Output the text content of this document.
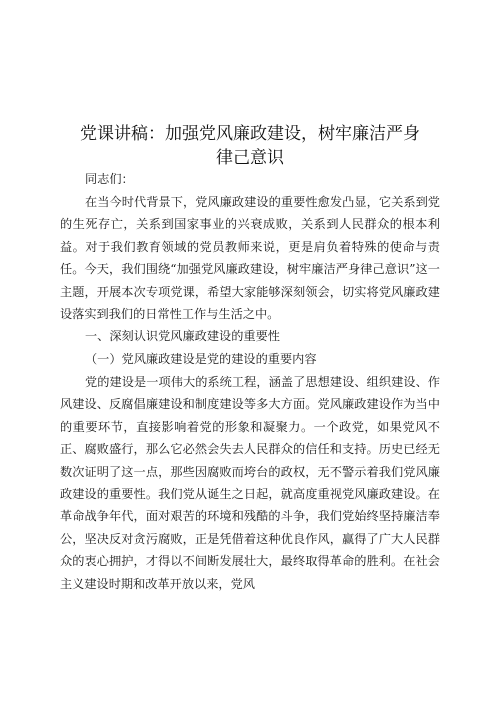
党课讲稿：加强党风廉政建设，树牢廉洁严身
律己意识

同志们：

在当今时代背景下，党风廉政建设的重要性愈发凸显，它关系到党的生死存亡，关系到国家事业的兴衰成败，关系到人民群众的根本利益。对于我们教育领域的党员教师来说，更是肩负着特殊的使命与责任。今天，我们围绕“加强党风廉政建设，树牢廉洁严身律己意识”这一主题，开展本次专项党课，希望大家能够深刻领会，切实将党风廉政建设落实到我们的日常性工作与生活之中。

一、深刻认识党风廉政建设的重要性

（一）党风廉政建设是党的建设的重要内容

党的建设是一项伟大的系统工程，涵盖了思想建设、组织建设、作风建设、反腐倡廉建设和制度建设等多大方面。党风廉政建设作为当中的重要环节，直接影响着党的形象和凝聚力。一个政党，如果党风不正、腐败盛行，那么它必然会失去人民群众的信任和支持。历史已经无数次证明了这一点，那些因腐败而垮台的政权，无不警示着我们党风廉政建设的重要性。我们党从诞生之日起，就高度重视党风廉政建设。在革命战争年代，面对艰苦的环境和残酷的斗争，我们党始终坚持廉洁奉公，坚决反对贪污腐败，正是凭借着这种优良作风，赢得了广大人民群众的衷心拥护，才得以不间断发展壮大，最终取得革命的胜利。在社会主义建设时期和改革开放以来，党风
